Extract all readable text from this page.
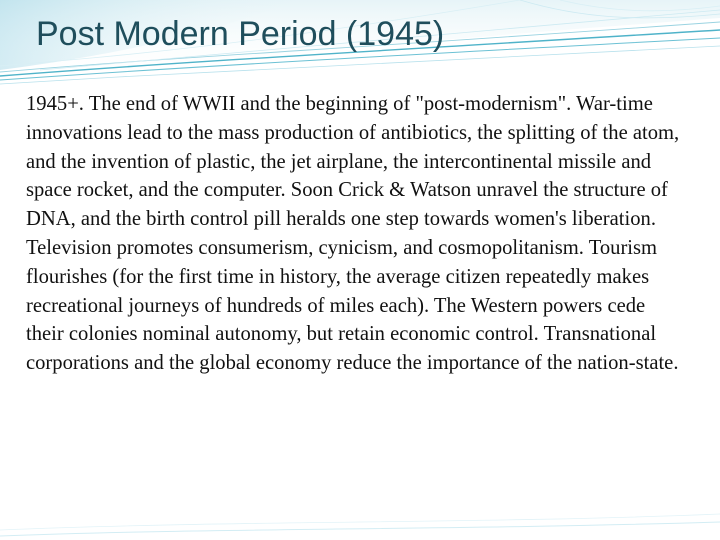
Post Modern Period (1945)

1945+. The end of WWII and the beginning of "post-modernism". War-time innovations lead to the mass production of antibiotics, the splitting of the atom, and the invention of plastic, the jet airplane, the intercontinental missile and space rocket, and the computer. Soon Crick & Watson unravel the structure of DNA, and the birth control pill heralds one step towards women's liberation. Television promotes consumerism, cynicism, and cosmopolitanism. Tourism flourishes (for the first time in history, the average citizen repeatedly makes recreational journeys of hundreds of miles each). The Western powers cede their colonies nominal autonomy, but retain economic control. Transnational corporations and the global economy reduce the importance of the nation-state.
